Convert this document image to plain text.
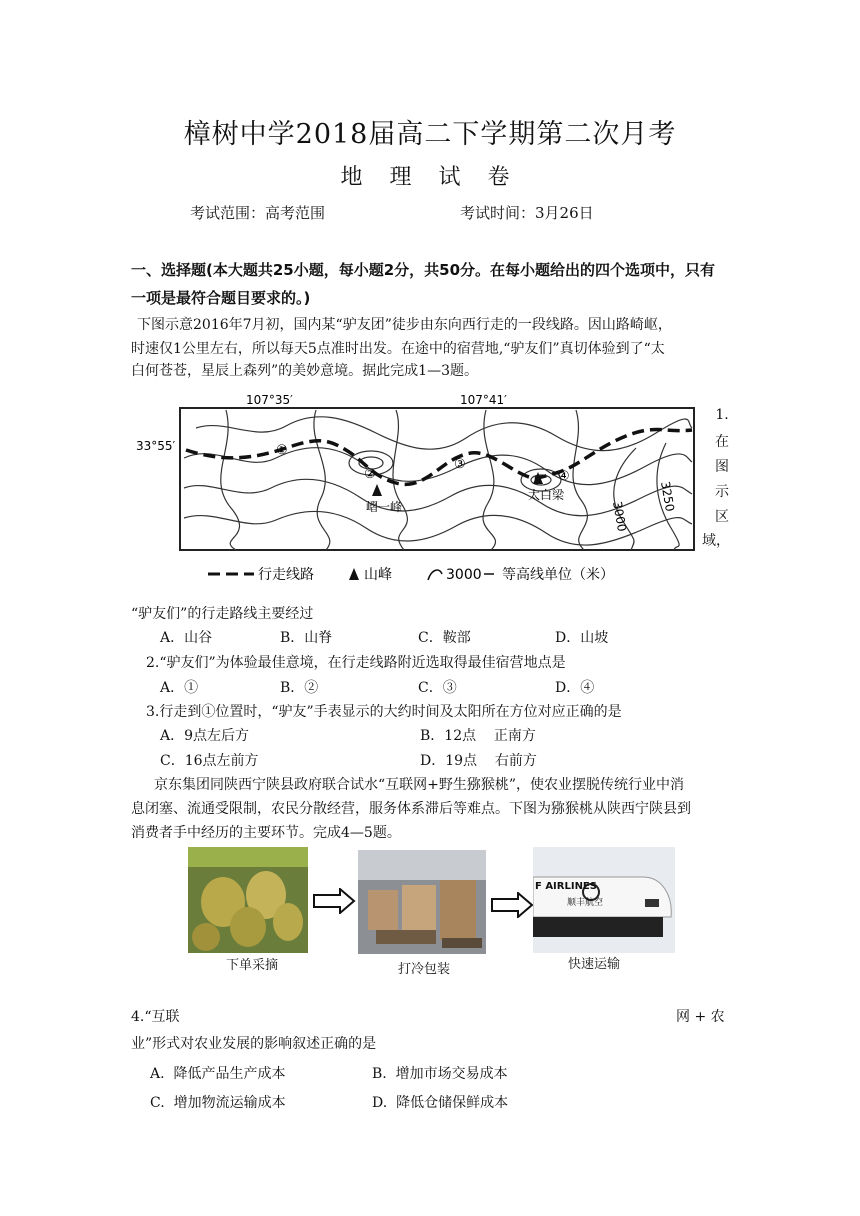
樟树中学2018届高二下学期第二次月考
地 理 试 卷
考试范围：高考范围	考试时间：3月26日
一、选择题(本大题共25小题，每小题2分，共50分。在每小题给出的四个选项中，只有
一项是最符合题目要求的。)
下图示意2016年7月初，国内某“驴友团”徒步由东向西行走的一段线路。因山路崎岖，
时速仅1公里左右，所以每天5点准时出发。在途中的宿营地,“驴友们”真切体验到了“太
白何苍苍，星辰上森列”的美妙意境。据此完成1—3题。
①
②
③
④
嶍一峰
太白梁
3000
3250
107°35′	107°41′
33°55′
行走线路	山峰	3000 等高线单位（米）
1.
在
图
示
区
域，
“驴友们”的行走路线主要经过
A．山谷	B．山脊	C．鞍部	D．山坡
2.“驴友们”为体验最佳意境，在行走线路附近选取得最佳宿营地点是
A．①	B．②	C．③	D．④
3.行走到①位置时，“驴友”手表显示的大约时间及太阳所在方位对应正确的是
A．9点左后方	B．12点    正南方
C．16点左前方	D．19点    右前方
京东集团同陕西宁陕县政府联合试水“互联网+野生猕猴桃”，使农业摆脱传统行业中消
息闭塞、流通受限制，农民分散经营，服务体系滞后等难点。下图为猕猴桃从陕西宁陕县到
消费者手中经历的主要环节。完成4—5题。
F AIRLINES
顺丰航空
下单采摘	打冷包装	快速运输
4.“互联	网 + 农
业”形式对农业发展的影响叙述正确的是
A.  降低产品生产成本	B.  增加市场交易成本
C.  增加物流运输成本	D.  降低仓储保鲜成本
